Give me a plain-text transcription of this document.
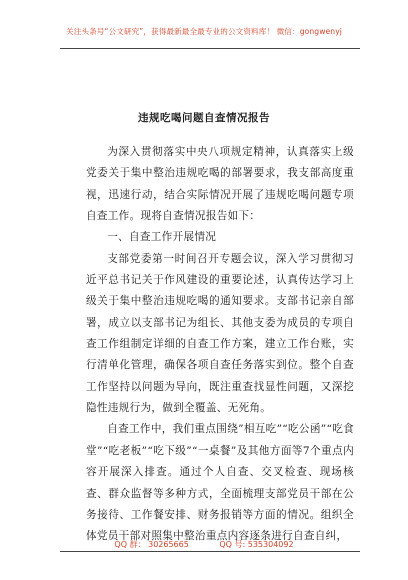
关注头条号“公文研究”，获得最新最全最专业的公文资料库！ 微信：gongwenyj
违规吃喝问题自查情况报告

为深入贯彻落实中央八项规定精神，认真落实上级党委关于集中整治违规吃喝的部署要求，我支部高度重视，迅速行动，结合实际情况开展了违规吃喝问题专项自查工作。现将自查情况报告如下：

一、自查工作开展情况

支部党委第一时间召开专题会议，深入学习贯彻习近平总书记关于作风建设的重要论述，认真传达学习上级关于集中整治违规吃喝的通知要求。支部书记亲自部署，成立以支部书记为组长、其他支委为成员的专项自查工作组制定详细的自查工作方案，建立工作台账，实行清单化管理，确保各项自查任务落实到位。整个自查工作坚持以问题为导向，既注重查找显性问题，又深挖隐性违规行为，做到全覆盖、无死角。

自查工作中，我们重点围绕”相互吃”“吃公函”“吃食堂”“吃老板”“吃下级”“一桌餐”及其他方面等7个重点内容开展深入排查。通过个人自查、交叉检查、现场核查、群众监督等多种方式，全面梳理支部党员干部在公务接待、工作餐安排、财务报销等方面的情况。组织全体党员干部对照集中整治重点内容逐条进行自查自纠，

QQ 群： 30265665	QQ 号: 535304092
